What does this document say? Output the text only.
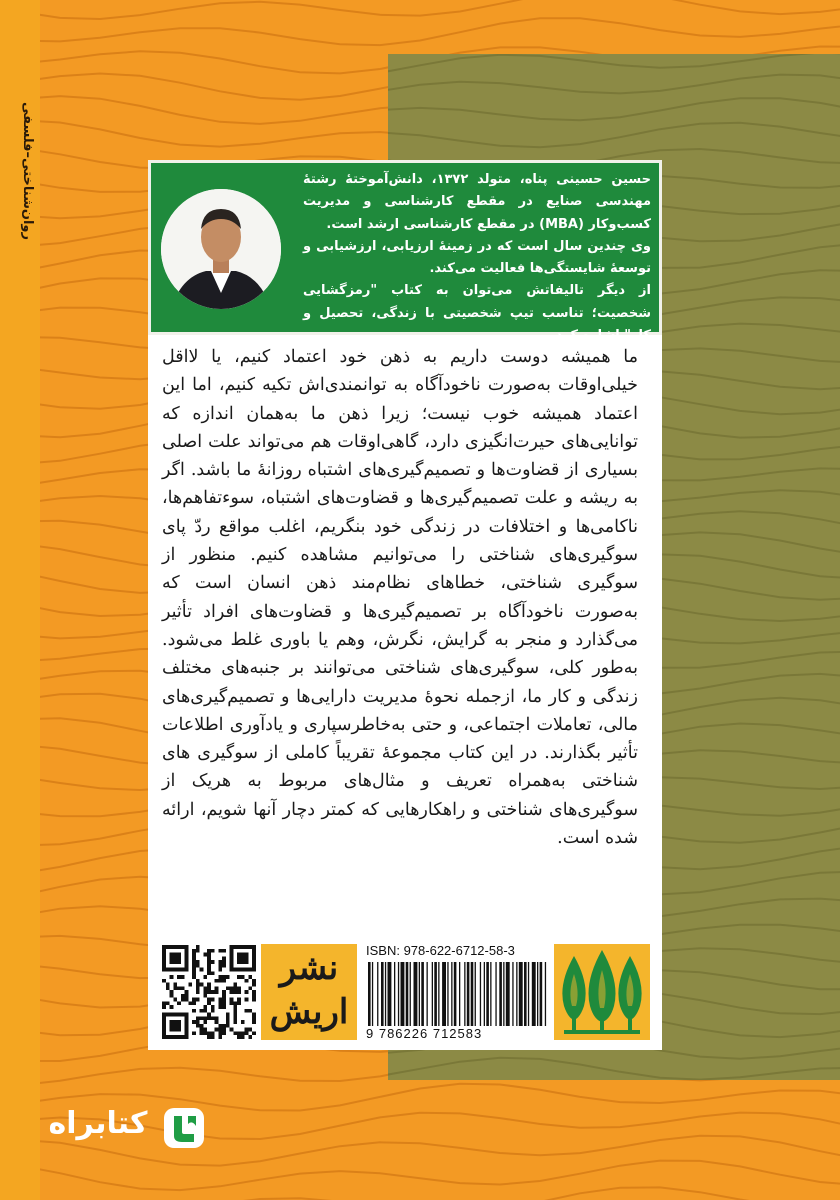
روان‌شناختی–فلسفی	حسین حسینی پناه، متولد ۱۳۷۲، دانش‌آموختهٔ رشتهٔ مهندسی صنایع در مقطع کارشناسی و مدیریت کسب‌وکار (MBA) در مقطع کارشناسی ارشد است.

وی چندین سال است که در زمینهٔ ارزیابی، ارزشیابی و توسعهٔ شایستگی‌ها فعالیت می‌کند.

از دیگر تالیفاتش می‌توان به کتاب "رمزگشایی شخصیت؛ تناسب تیپ شخصیتی با زندگی، تحصیل و

ما همیشه دوست داریم به ذهن خود اعتماد کنیم، یا لااقل خیلی‌اوقات به‌صورت ناخودآگاه به توانمندی‌اش تکیه کنیم، اما این اعتماد همیشه خوب نیست؛ زیرا ذهن ما به‌همان اندازه که توانایی‌های حیرت‌انگیزی دارد، گاهی‌اوقات هم می‌تواند علت اصلی بسیاری از قضاوت‌ها و تصمیم‌گیری‌های اشتباه روزانهٔ ما باشد. اگر به ریشه و علت تصمیم‌گیری‌ها و قضاوت‌های اشتباه، سوءتفاهم‌ها، ناکامی‌ها و اختلافات در زندگی خود بنگریم، اغلب مواقع ردّ پای سوگیری‌های شناختی را می‌توانیم مشاهده کنیم. منظور از سوگیری شناختی، خطاهای نظام‌مند ذهن انسان است که به‌صورت ناخودآگاه بر تصمیم‌گیری‌ها و قضاوت‌های افراد تأثیر می‌گذارد و منجر به گرایش، نگرش، وهم یا باوری غلط می‌شود. به‌طور کلی، سوگیری‌های شناختی می‌توانند بر جنبه‌های مختلف زندگی و کار ما، ازجمله نحوهٔ مدیریت دارایی‌ها و تصمیم‌گیری‌های مالی، تعاملات اجتماعی، و حتی به‌خاطرسپاری و یادآوری اطلاعات تأثیر بگذارند. در این کتاب مجموعهٔ تقریباً کاملی از سوگیری های شناختی به‌همراه تعریف و مثال‌های مربوط به هریک از سوگیری‌های شناختی و راهکارهایی که کمتر دچار آنها شویم، ارائه شده است.
نشر
اریش
ISBN: 978-622-6712-58-3
9 786226 712583
کتابراه
